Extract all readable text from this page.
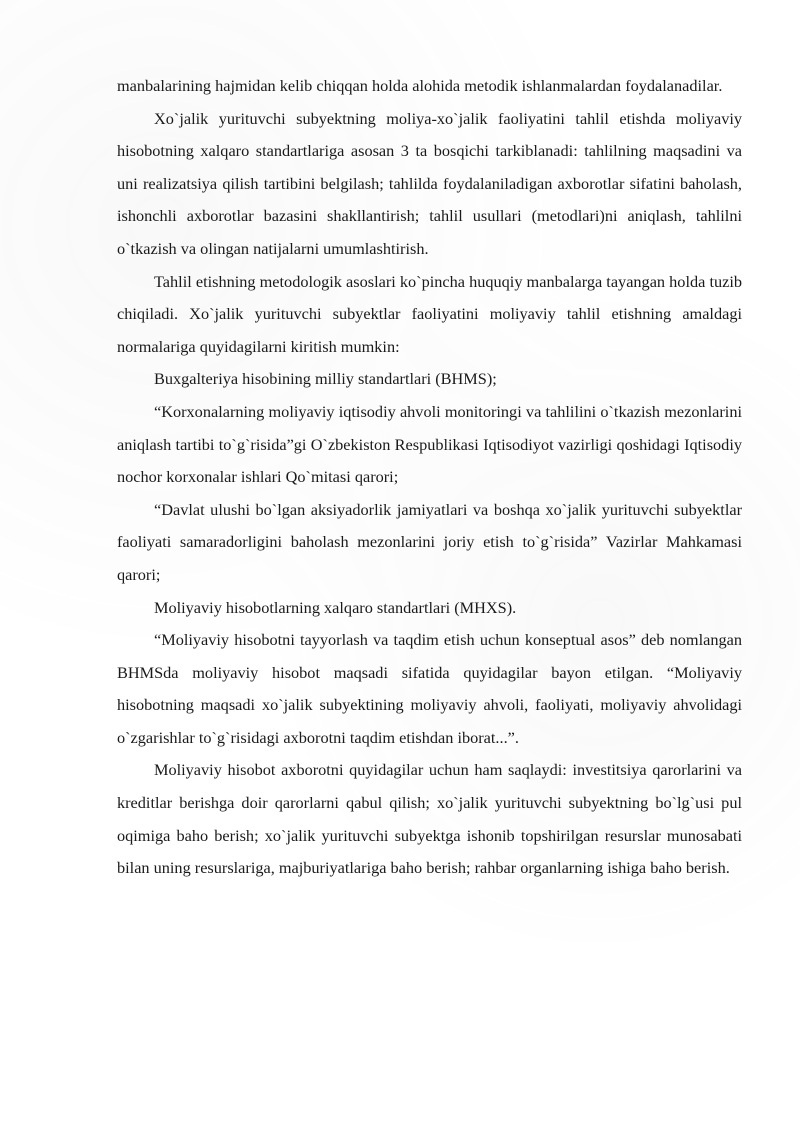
manbalarining hajmidan kelib chiqqan holda alohida metodik ishlanmalardan foydalanadilar.

Xo`jalik yurituvchi subyektning moliya-xo`jalik faoliyatini tahlil etishda moliyaviy hisobotning xalqaro standartlariga asosan 3 ta bosqichi tarkiblanadi: tahlilning maqsadini va uni realizatsiya qilish tartibini belgilash; tahlilda foydalaniladigan axborotlar sifatini baholash, ishonchli axborotlar bazasini shakllantirish; tahlil usullari (metodlari)ni aniqlash, tahlilni o`tkazish va olingan natijalarni umumlashtirish.

Tahlil etishning metodologik asoslari ko`pincha huquqiy manbalarga tayangan holda tuzib chiqiladi. Xo`jalik yurituvchi subyektlar faoliyatini moliyaviy tahlil etishning amaldagi normalariga quyidagilarni kiritish mumkin:

Buxgalteriya hisobining milliy standartlari (BHMS);

“Korxonalarning moliyaviy iqtisodiy ahvoli monitoringi va tahlilini o`tkazish mezonlarini aniqlash tartibi to`g`risida”gi O`zbekiston Respublikasi Iqtisodiyot vazirligi qoshidagi Iqtisodiy nochor korxonalar ishlari Qo`mitasi qarori;

“Davlat ulushi bo`lgan aksiyadorlik jamiyatlari va boshqa xo`jalik yurituvchi subyektlar faoliyati samaradorligini baholash mezonlarini joriy etish to`g`risida” Vazirlar Mahkamasi qarori;

Moliyaviy hisobotlarning xalqaro standartlari (MHXS).

“Moliyaviy hisobotni tayyorlash va taqdim etish uchun konseptual asos” deb nomlangan BHMSda moliyaviy hisobot maqsadi sifatida quyidagilar bayon etilgan. “Moliyaviy hisobotning maqsadi xo`jalik subyektining moliyaviy ahvoli, faoliyati, moliyaviy ahvolidagi o`zgarishlar to`g`risidagi axborotni taqdim etishdan iborat...”.

Moliyaviy hisobot axborotni quyidagilar uchun ham saqlaydi: investitsiya qarorlarini va kreditlar berishga doir qarorlarni qabul qilish; xo`jalik yurituvchi subyektning bo`lg`usi pul oqimiga baho berish; xo`jalik yurituvchi subyektga ishonib topshirilgan resurslar munosabati bilan uning resurslariga, majburiyatlariga baho berish; rahbar organlarning ishiga baho berish.
